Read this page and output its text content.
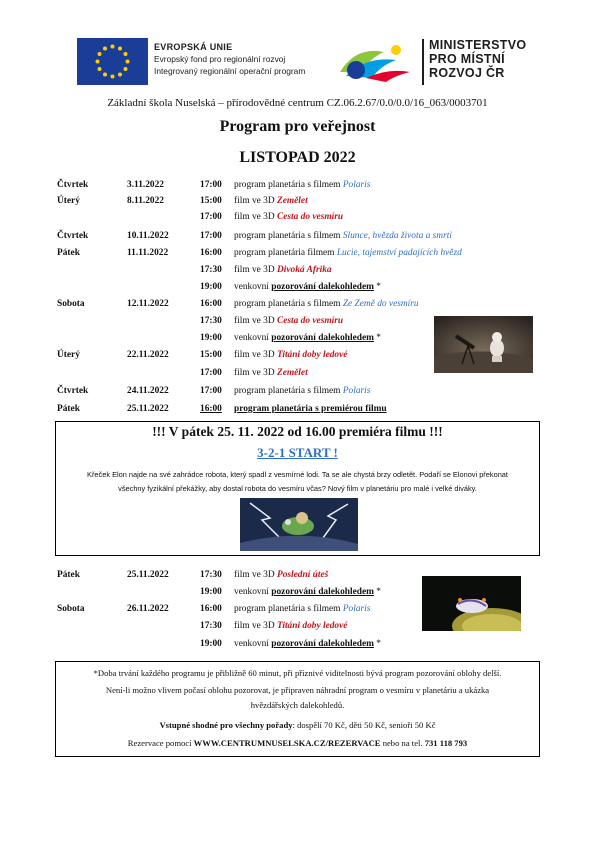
EVROPSKÁ UNIE
Evropský fond pro regionální rozvoj
Integrovaný regionální operační program
MINISTERSTVO
PRO MÍSTNÍ
ROZVOJ ČR
Základní škola Nuselská – přírodovědné centrum CZ.06.2.67/0.0/0.0/16_063/0003701
Program pro veřejnost
LISTOPAD 2022
Čtvrtek	3.11.2022	17:00 program planetária s filmem Polaris
Úterý	8.11.2022	15:00 film ve 3D Zemělet
17:00 film ve 3D Cesta do vesmíru
Čtvrtek	10.11.2022	17:00 program planetária s filmem Slunce, hvězda života a smrti
Pátek	11.11.2022	16:00 program planetária filmem Lucie, tajemství padajících hvězd
17:30 film ve 3D Divoká Afrika
19:00 venkovní pozorování dalekohledem *
Sobota	12.11.2022	16:00 program planetária s filmem Ze Země do vesmíru
17:30 film ve 3D Cesta do vesmíru
19:00 venkovní pozorování dalekohledem *
Úterý	22.11.2022	15:00 film ve 3D Titáni doby ledové
17:00 film ve 3D Zemělet
Čtvrtek	24.11.2022	17:00 program planetária s filmem Polaris
Pátek	25.11.2022	16:00 program planetária s premiérou filmu
!!! V pátek 25. 11. 2022 od 16.00 premiéra filmu !!!
3-2-1 START !
Křeček Elon najde na své zahrádce robota, který spadl z vesmírné lodi. Ta se ale chystá brzy odletět. Podaří se Elonovi překonat
všechny fyzikální překážky, aby dostal robota do vesmíru včas? Nový film v planetáriu pro malé i velké diváky.
Pátek	25.11.2022	17:30 film ve 3D Poslední úteš
19:00 venkovní pozorování dalekohledem *
Sobota	26.11.2022	16:00 program planetária s filmem Polaris
17:30 film ve 3D Titáni doby ledové
19:00 venkovní pozorování dalekohledem *
*Doba trvání každého programu je přibližně 60 minut, při příznivé viditelnosti bývá program pozorování oblohy delší.
Není-li možno vlivem počasí oblohu pozorovat, je připraven náhradní program o vesmíru v planetáriu a ukázka
hvězdářských dalekohledů.
Vstupné shodné pro všechny pořady: dospělí 70 Kč, děti 50 Kč, senioři 50 Kč
Rezervace pomocí WWW.CENTRUMNUSELSKA.CZ/REZERVACE nebo na tel. 731 118 793
